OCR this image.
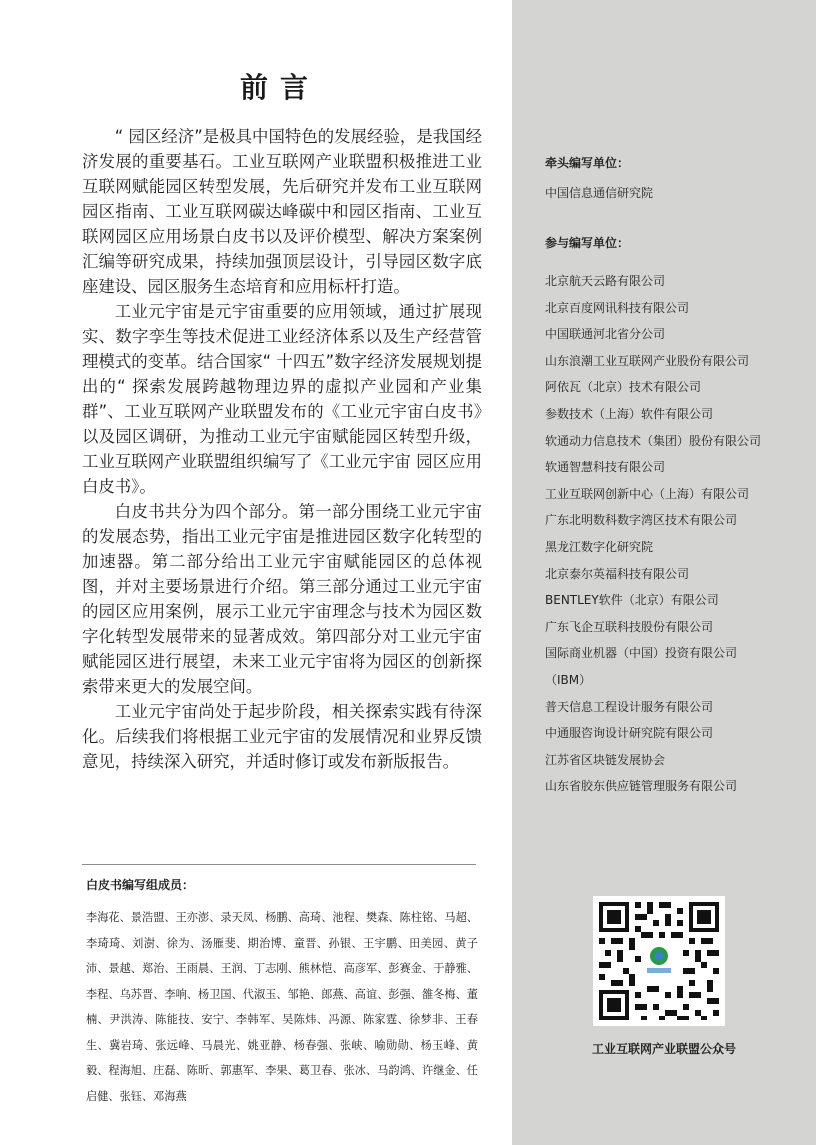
前言

“ 园区经济”是极具中国特色的发展经验，是我国经济发展的重要基石。工业互联网产业联盟积极推进工业互联网赋能园区转型发展，先后研究并发布工业互联网园区指南、工业互联网碳达峰碳中和园区指南、工业互联网园区应用场景白皮书以及评价模型、解决方案案例汇编等研究成果，持续加强顶层设计，引导园区数字底座建设、园区服务生态培育和应用标杆打造。

工业元宇宙是元宇宙重要的应用领域，通过扩展现实、数字孪生等技术促进工业经济体系以及生产经营管理模式的变革。结合国家“ 十四五”数字经济发展规划提出的“ 探索发展跨越物理边界的虚拟产业园和产业集群”、工业互联网产业联盟发布的《工业元宇宙白皮书》以及园区调研，为推动工业元宇宙赋能园区转型升级，工业互联网产业联盟组织编写了《工业元宇宙 园区应用白皮书》。

白皮书共分为四个部分。第一部分围绕工业元宇宙的发展态势，指出工业元宇宙是推进园区数字化转型的加速器。第二部分给出工业元宇宙赋能园区的总体视图，并对主要场景进行介绍。第三部分通过工业元宇宙的园区应用案例，展示工业元宇宙理念与技术为园区数字化转型发展带来的显著成效。第四部分对工业元宇宙赋能园区进行展望，未来工业元宇宙将为园区的创新探索带来更大的发展空间。

工业元宇宙尚处于起步阶段，相关探索实践有待深化。后续我们将根据工业元宇宙的发展情况和业界反馈意见，持续深入研究，并适时修订或发布新版报告。

白皮书编写组成员：
李海花、景浩盟、王亦澎、录天凤、杨鹏、高琦、池程、樊森、陈柱铭、马超、李琦琦、刘澍、徐为、汤雁斐、期治博、童晋、孙银、王宇鹏、田美园、黄子沛、景越、郑治、王雨晨、王润、丁志刚、熊林恺、高彦军、彭赛金、于静雅、李程、乌苏晋、李响、杨卫国、代淑玉、邹艳、郎燕、高谊、彭强、雒冬梅、董楠、尹洪涛、陈能技、安宁、李韩军、吴陈炜、冯源、陈家霆、徐梦非、王春生、冀岩琦、张远峰、马晨光、姚亚静、杨春强、张峡、喻勋勋、杨玉峰、黄毅、程海旭、庄磊、陈昕、郭惠军、李果、葛卫春、张冰、马韵鸿、许继金、任启健、张钰、邓海燕
牵头编写单位：
中国信息通信研究院
参与编写单位：
北京航天云路有限公司
北京百度网讯科技有限公司
中国联通河北省分公司
山东浪潮工业互联网产业股份有限公司
阿依瓦（北京）技术有限公司
参数技术（上海）软件有限公司
软通动力信息技术（集团）股份有限公司
软通智慧科技有限公司
工业互联网创新中心（上海）有限公司
广东北明数科数字湾区技术有限公司
黑龙江数字化研究院
北京泰尔英福科技有限公司
BENTLEY软件（北京）有限公司
广东飞企互联科技股份有限公司
国际商业机器（中国）投资有限公司
（IBM）
普天信息工程设计服务有限公司
中通服咨询设计研究院有限公司
江苏省区块链发展协会
山东省胶东供应链管理服务有限公司
工业互联网产业联盟公众号
